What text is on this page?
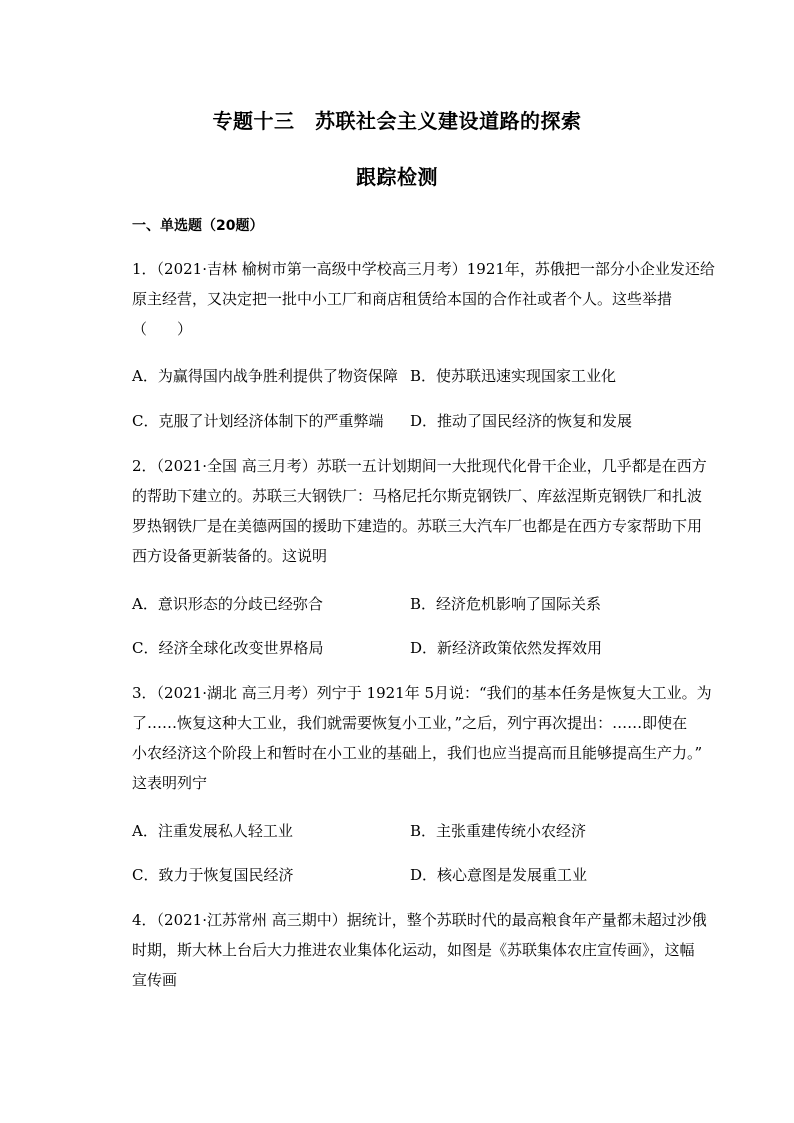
专题十三　苏联社会主义建设道路的探索
跟踪检测
一、单选题（20题）
1．（2021·吉林 榆树市第一高级中学校高三月考）1921年，苏俄把一部分小企业发还给
原主经营，又决定把一批中小工厂和商店租赁给本国的合作社或者个人。这些举措
（　　）
A．为赢得国内战争胜利提供了物资保障 B．使苏联迅速实现国家工业化
C．克服了计划经济体制下的严重弊端 D．推动了国民经济的恢复和发展
2．（2021·全国 高三月考）苏联一五计划期间一大批现代化骨干企业，几乎都是在西方
的帮助下建立的。苏联三大钢铁厂：马格尼托尔斯克钢铁厂、库兹涅斯克钢铁厂和扎波
罗热钢铁厂是在美德两国的援助下建造的。苏联三大汽车厂也都是在西方专家帮助下用
西方设备更新装备的。这说明
A．意识形态的分歧已经弥合	B．经济危机影响了国际关系
C．经济全球化改变世界格局	D．新经济政策依然发挥效用
3．（2021·湖北 高三月考）列宁于 1921年 5月说：“我们的基本任务是恢复大工业。为
了……恢复这种大工业，我们就需要恢复小工业，”之后，列宁再次提出：……即使在
小农经济这个阶段上和暂时在小工业的基础上，我们也应当提高而且能够提高生产力。”
这表明列宁
A．注重发展私人轻工业	B．主张重建传统小农经济
C．致力于恢复国民经济	D．核心意图是发展重工业
4．（2021·江苏常州 高三期中）据统计，整个苏联时代的最高粮食年产量都未超过沙俄
时期，斯大林上台后大力推进农业集体化运动，如图是《苏联集体农庄宣传画》，这幅
宣传画
